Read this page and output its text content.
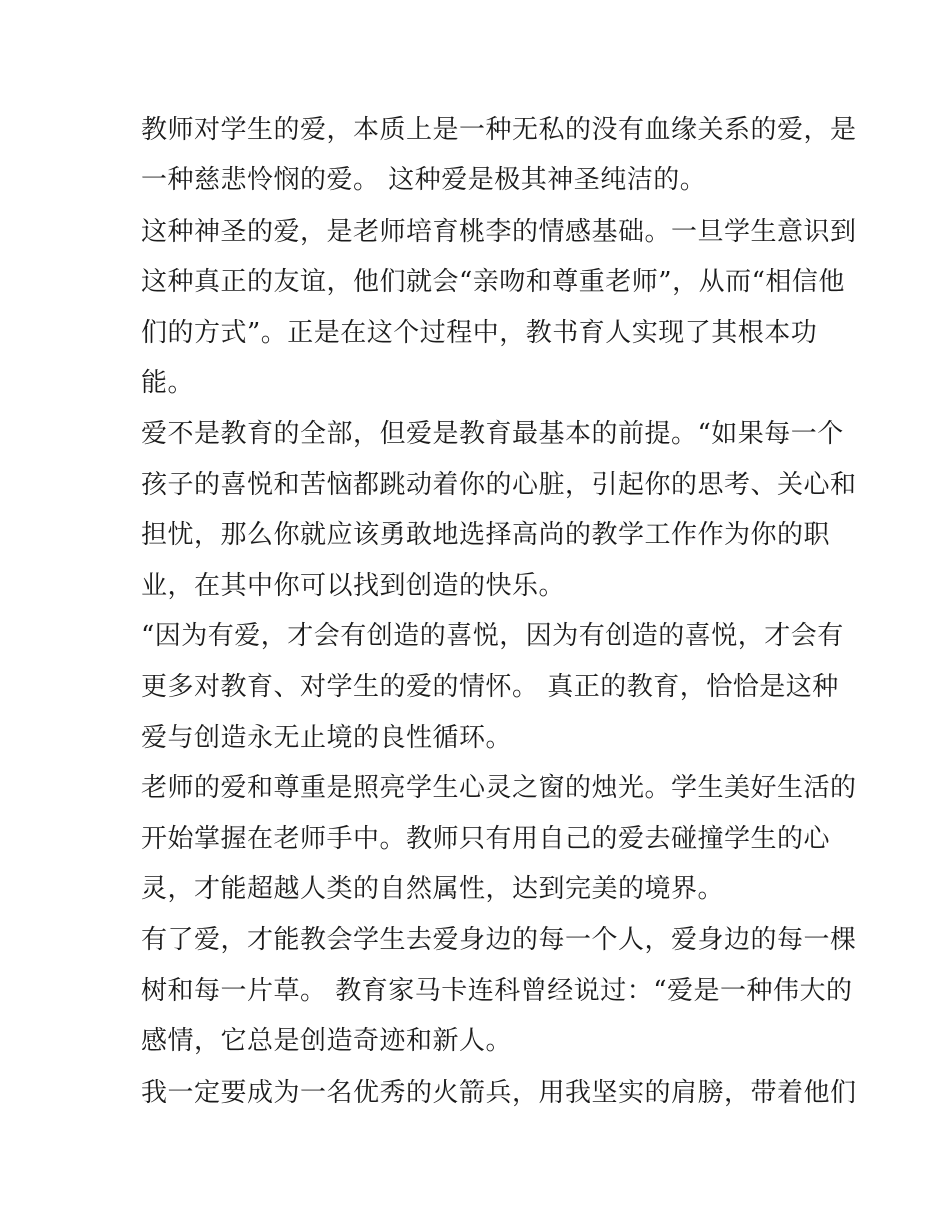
教师对学生的爱，本质上是一种无私的没有血缘关系的爱，是
一种慈悲怜悯的爱。 这种爱是极其神圣纯洁的。
这种神圣的爱，是老师培育桃李的情感基础。一旦学生意识到
这种真正的友谊，他们就会“亲吻和尊重老师”，从而“相信他
们的方式”。正是在这个过程中，教书育人实现了其根本功
能。
爱不是教育的全部，但爱是教育最基本的前提。“如果每一个
孩子的喜悦和苦恼都跳动着你的心脏，引起你的思考、关心和
担忧，那么你就应该勇敢地选择高尚的教学工作作为你的职
业，在其中你可以找到创造的快乐。
“因为有爱，才会有创造的喜悦，因为有创造的喜悦，才会有
更多对教育、对学生的爱的情怀。 真正的教育，恰恰是这种
爱与创造永无止境的良性循环。
老师的爱和尊重是照亮学生心灵之窗的烛光。学生美好生活的
开始掌握在老师手中。教师只有用自己的爱去碰撞学生的心
灵，才能超越人类的自然属性，达到完美的境界。
有了爱，才能教会学生去爱身边的每一个人，爱身边的每一棵
树和每一片草。 教育家马卡连科曾经说过：“爱是一种伟大的
感情，它总是创造奇迹和新人。
我一定要成为一名优秀的火箭兵，用我坚实的肩膀，带着他们
